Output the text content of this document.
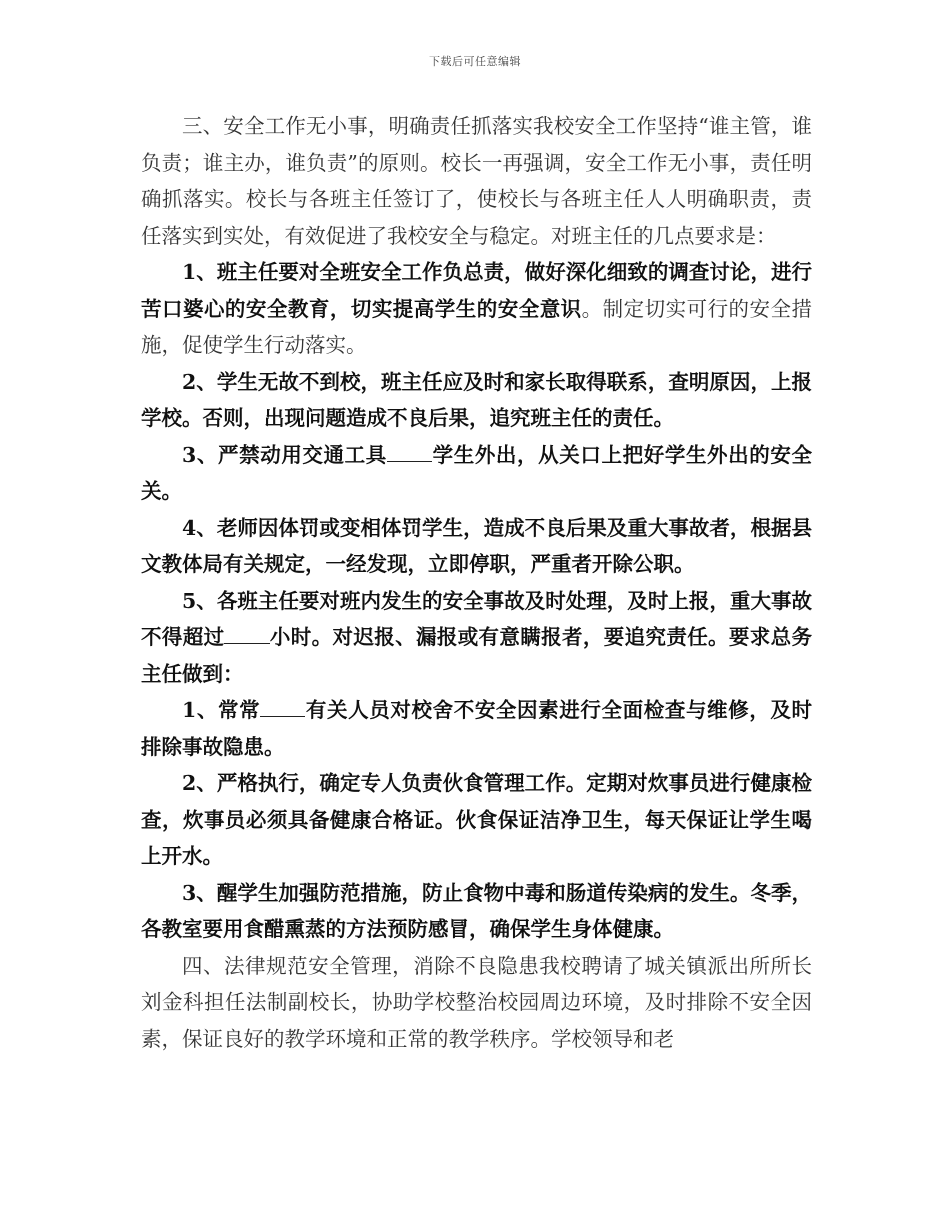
下载后可任意编辑

三、安全工作无小事，明确责任抓落实我校安全工作坚持“谁主管，谁负责；谁主办，谁负责”的原则。校长一再强调，安全工作无小事，责任明确抓落实。校长与各班主任签订了，使校长与各班主任人人明确职责，责任落实到实处，有效促进了我校安全与稳定。对班主任的几点要求是：

1、班主任要对全班安全工作负总责，做好深化细致的调查讨论，进行苦口婆心的安全教育，切实提高学生的安全意识。制定切实可行的安全措施，促使学生行动落实。

2、学生无故不到校，班主任应及时和家长取得联系，查明原因，上报学校。否则，出现问题造成不良后果，追究班主任的责任。

3、严禁动用交通工具 学生外出，从关口上把好学生外出的安全关。

4、老师因体罚或变相体罚学生，造成不良后果及重大事故者，根据县文教体局有关规定，一经发现，立即停职，严重者开除公职。

5、各班主任要对班内发生的安全事故及时处理，及时上报，重大事故不得超过 小时。对迟报、漏报或有意瞒报者，要追究责任。要求总务主任做到：

1、常常 有关人员对校舍不安全因素进行全面检查与维修，及时排除事故隐患。

2、严格执行，确定专人负责伙食管理工作。定期对炊事员进行健康检查，炊事员必须具备健康合格证。伙食保证洁净卫生，每天保证让学生喝上开水。

3、醒学生加强防范措施，防止食物中毒和肠道传染病的发生。冬季，各教室要用食醋熏蒸的方法预防感冒，确保学生身体健康。

四、法律规范安全管理，消除不良隐患我校聘请了城关镇派出所所长刘金科担任法制副校长，协助学校整治校园周边环境，及时排除不安全因素，保证良好的教学环境和正常的教学秩序。学校领导和老
